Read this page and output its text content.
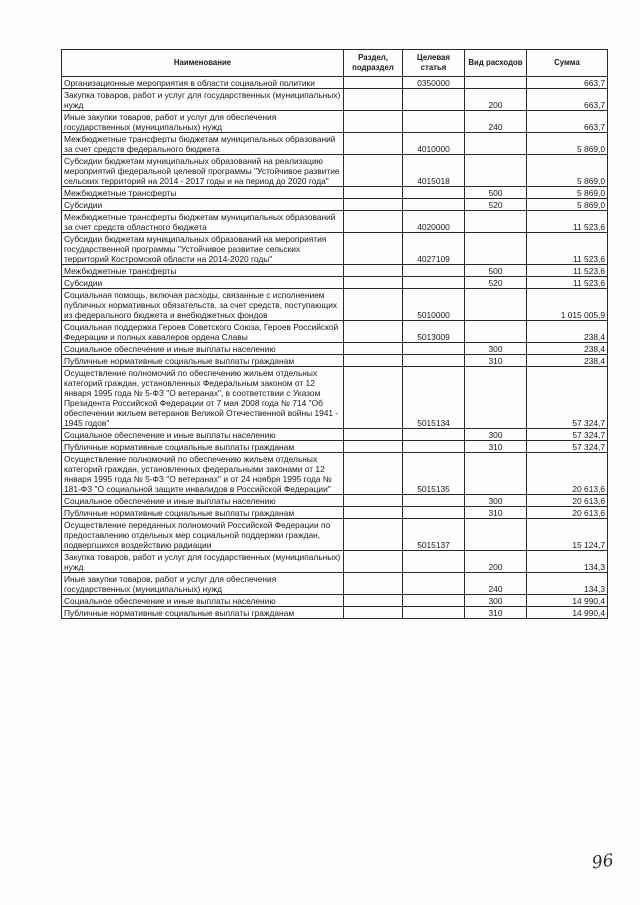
Наименование	Раздел, подраздел	Целевая статья	Вид расходов	Сумма
Организационные мероприятия в области социальной политики		0350000		663,7
Закупка товаров, работ и услуг для государственных (муниципальных) нужд			200	663,7
Иные закупки товаров, работ и услуг для обеспечения государственных (муниципальных) нужд			240	663,7
Межбюджетные трансферты бюджетам муниципальных образований за счет средств федерального бюджета		4010000		5 869,0
Субсидии бюджетам муниципальных образований на реализацию мероприятий федеральной целевой программы "Устойчивое развитие сельских территорий на 2014 - 2017 годы и на период до 2020 года"		4015018		5 869,0
Межбюджетные трансферты			500	5 869,0
Субсидии			520	5 869,0
Межбюджетные трансферты бюджетам муниципальных образований за счет средств областного бюджета		4020000		11 523,6
Субсидии бюджетам муниципальных образований на мероприятия государственной программы "Устойчивое развитие сельских территорий Костромской области на 2014-2020 годы"		4027109		11 523,6
Межбюджетные трансферты			500	11 523,6
Субсидии			520	11 523,6
Социальная помощь, включая расходы, связанные с исполнением публичных нормативных обязательств, за счет средств, поступающих из федерального бюджета и внебюджетных фондов		5010000		1 015 005,9
Социальная поддержка Героев Советского Союза, Героев Российской Федерации и полных кавалеров ордена Славы		5013009		238,4
Социальное обеспечение и иные выплаты населению			300	238,4
Публичные нормативные социальные выплаты гражданам			310	238,4
Осуществление полномочий по обеспечению жильем отдельных категорий граждан, установленных Федеральным законом от 12 января 1995 года № 5-ФЗ "О ветеранах", в соответствии с Указом Президента Российской Федерации от 7 мая 2008 года № 714 "Об обеспечении жильем ветеранов Великой Отечественной войны 1941 - 1945 годов"		5015134		57 324,7
Социальное обеспечение и иные выплаты населению			300	57 324,7
Публичные нормативные социальные выплаты гражданам			310	57 324,7
Осуществление полномочий по обеспечению жильем отдельных категорий граждан, установленных федеральными законами от 12 января 1995 года № 5-ФЗ "О ветеранах" и от 24 ноября 1995 года № 181-ФЗ "О социальной защите инвалидов в Российской Федерации"		5015135		20 613,6
Социальное обеспечение и иные выплаты населению			300	20 613,6
Публичные нормативные социальные выплаты гражданам			310	20 613,6
Осуществление переданных полномочий Российской Федерации по предоставлению отдельных мер социальной поддержки граждан, подвергшихся воздействию радиации		5015137		15 124,7
Закупка товаров, работ и услуг для государственных (муниципальных) нужд			200	134,3
Иные закупки товаров, работ и услуг для обеспечения государственных (муниципальных) нужд			240	134,3
Социальное обеспечение и иные выплаты населению			300	14 990,4
Публичные нормативные социальные выплаты гражданам			310	14 990,4
96
